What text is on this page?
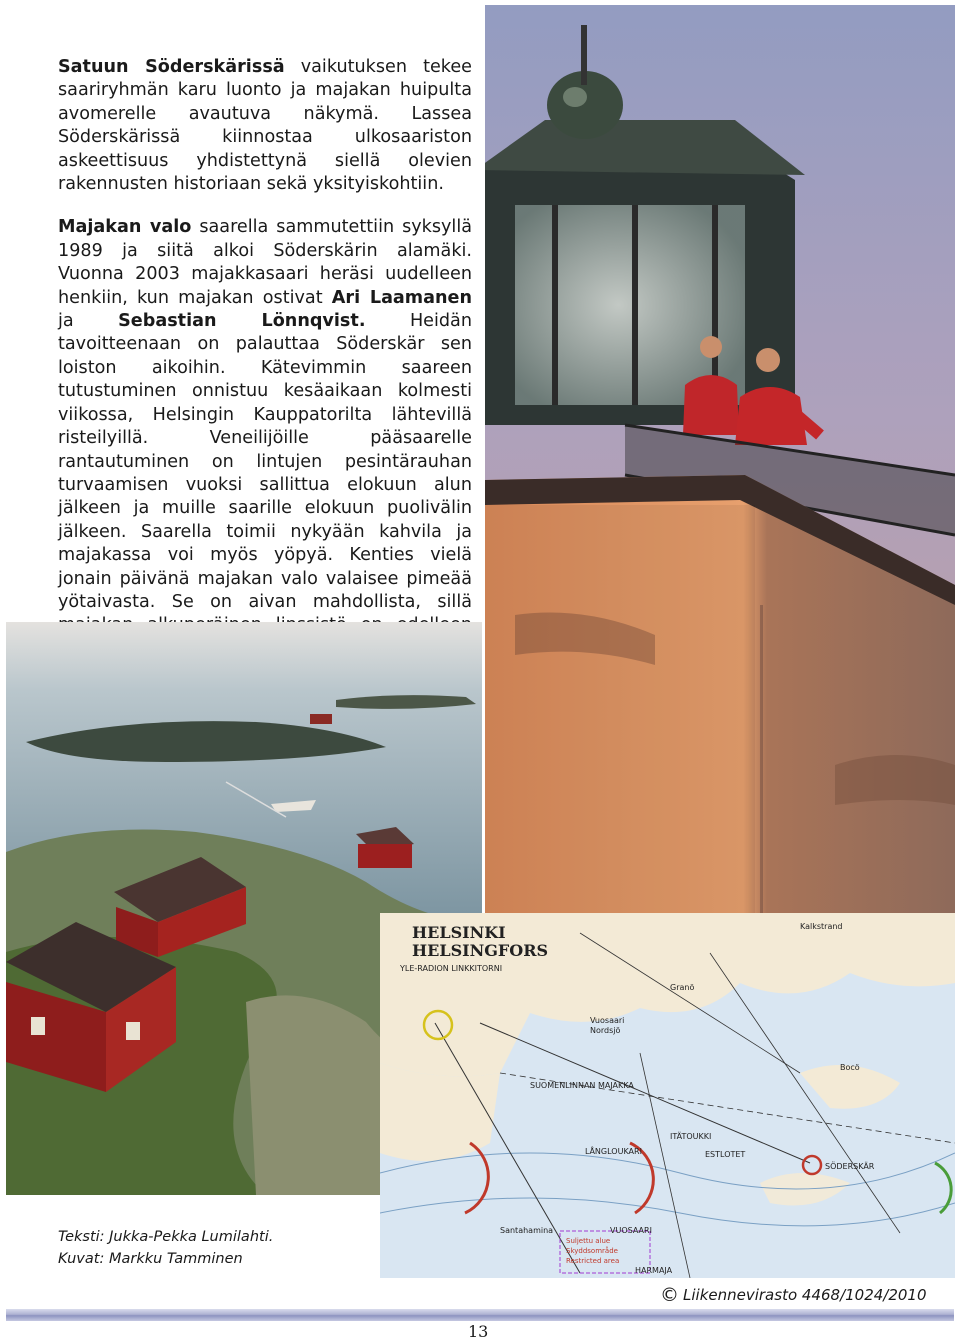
Satuun Söderskärissä vaikutuksen tekee saariryhmän karu luonto ja majakan huipulta avomerelle avautuva näkymä. Lassea Söderskärissä kiinnostaa ulkosaariston askeettisuus yhdistettynä siellä olevien rakennusten historiaan sekä yksityiskohtiin.

Majakan valo saarella sammutettiin syksyllä 1989 ja siitä alkoi Söderskärin alamäki. Vuonna 2003 majakkasaari heräsi uudelleen henkiin, kun majakan ostivat Ari Laamanen ja Sebastian Lönnqvist.	Heidän tavoitteenaan on palauttaa Söderskär sen loiston aikoihin. Kätevimmin saareen tutustuminen onnistuu kesäaikaan kolmesti viikossa, Helsingin Kauppatorilta lähtevillä risteilyillä. Veneilijöille pääsaarelle rantautuminen on lintujen pesintärauhan turvaamisen vuoksi sallittua elokuun alun jälkeen ja muille saarille elokuun puolivälin jälkeen. Saarella toimii nykyään kahvila ja majakassa voi myös yöpyä. Kenties vielä jonain päivänä majakan valo valaisee pimeää yötaivasta. Se on aivan mahdollista, sillä

HELSINKI
HELSINGFORS
Kalkstrand
Vuosaari
Nordsjö
Granö
Bocö
SUOMENLINNAN MAJAKKA
ESTLOTET
SÖDERSKÄR
LÅNGLOUKARI
ITÄTOUKKI
VUOSAARI
Santahamina
HARMAJA
YLE-RADION LINKKITORNI
Suljettu alue
Skyddsområde
Restricted area
Teksti: Jukka-Pekka Lumilahti.
Kuvat: Markku Tamminen
© Liikennevirasto 4468/1024/2010
13
